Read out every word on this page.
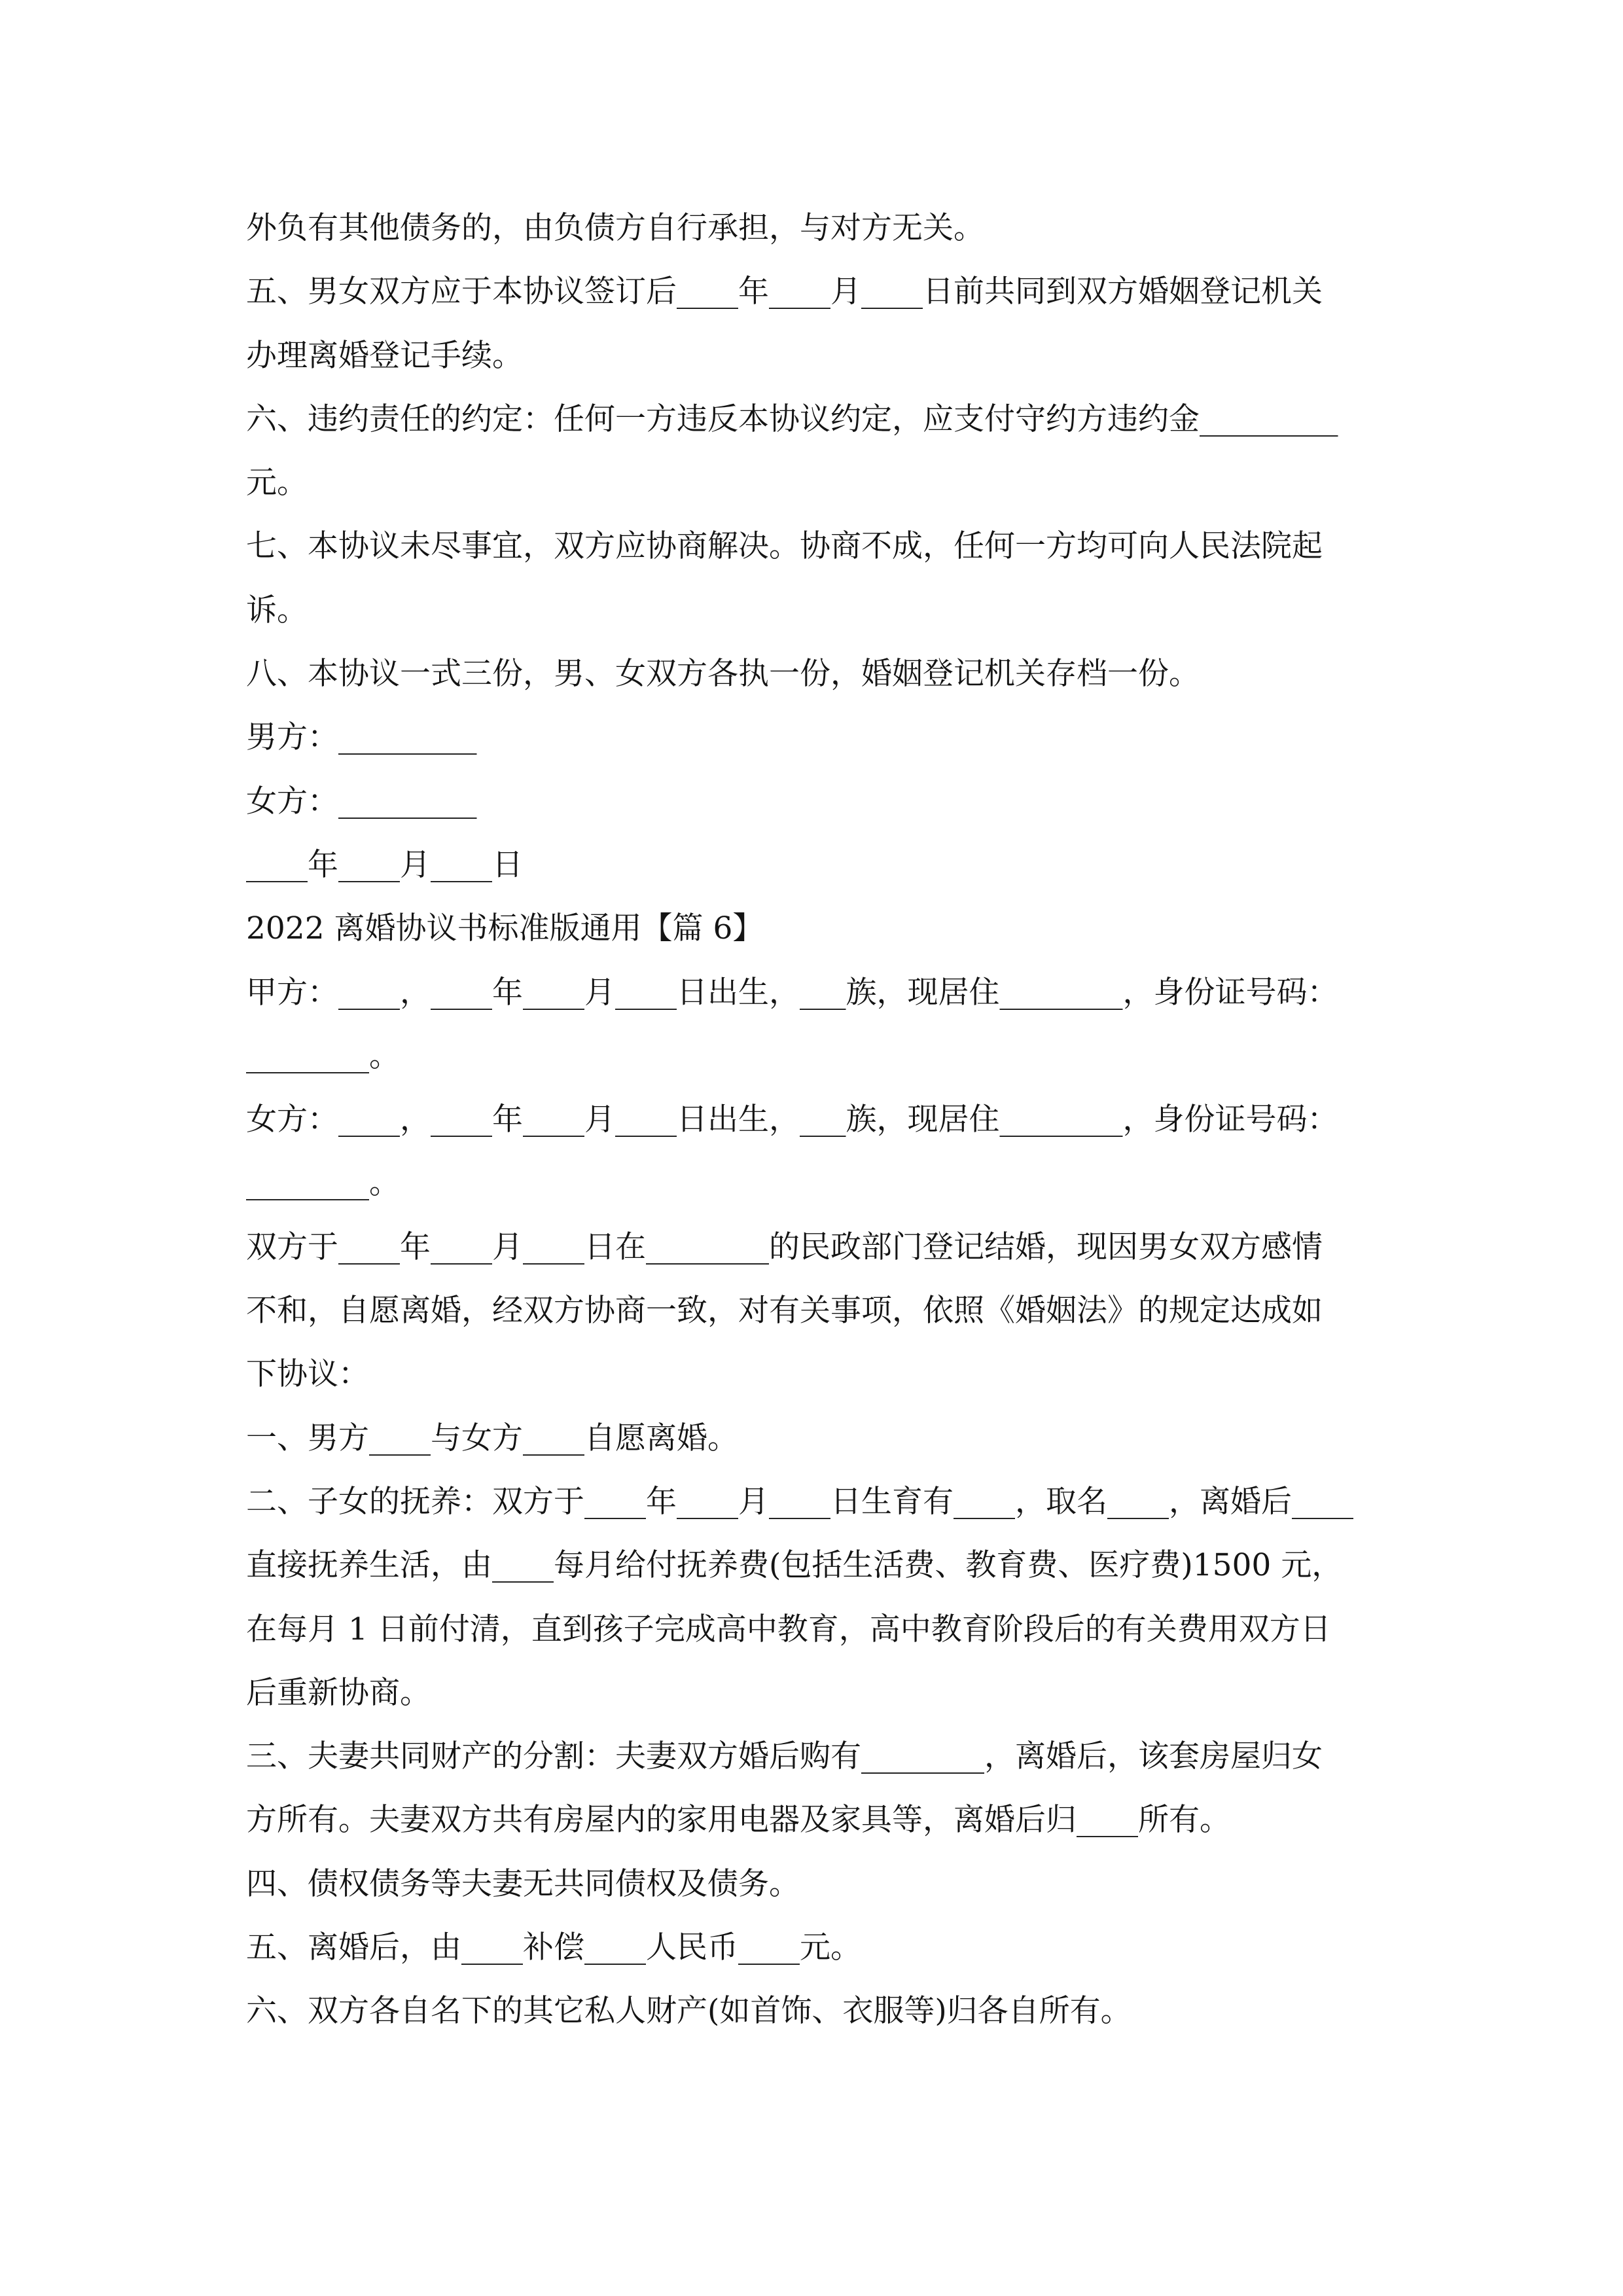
外负有其他债务的，由负债方自行承担，与对方无关。
五、男女双方应于本协议签订后____年____月____日前共同到双方婚姻登记机关
办理离婚登记手续。
六、违约责任的约定：任何一方违反本协议约定，应支付守约方违约金_________
元。
七、本协议未尽事宜，双方应协商解决。协商不成，任何一方均可向人民法院起
诉。
八、本协议一式三份，男、女双方各执一份，婚姻登记机关存档一份。
男方：_________
女方：_________
____年____月____日
2022 离婚协议书标准版通用【篇 6】
甲方：____，____年____月____日出生，___族，现居住________，身份证号码：
________。
女方：____，____年____月____日出生，___族，现居住________，身份证号码：
________。
双方于____年____月____日在________的民政部门登记结婚，现因男女双方感情
不和，自愿离婚，经双方协商一致，对有关事项，依照《婚姻法》的规定达成如
下协议：
一、男方____与女方____自愿离婚。
二、子女的抚养：双方于____年____月____日生育有____，取名____，离婚后____
直接抚养生活，由____每月给付抚养费(包括生活费、教育费、医疗费)1500 元，
在每月 1 日前付清，直到孩子完成高中教育，高中教育阶段后的有关费用双方日
后重新协商。
三、夫妻共同财产的分割：夫妻双方婚后购有________，离婚后，该套房屋归女
方所有。夫妻双方共有房屋内的家用电器及家具等，离婚后归____所有。
四、债权债务等夫妻无共同债权及债务。
五、离婚后，由____补偿____人民币____元。
六、双方各自名下的其它私人财产(如首饰、衣服等)归各自所有。
